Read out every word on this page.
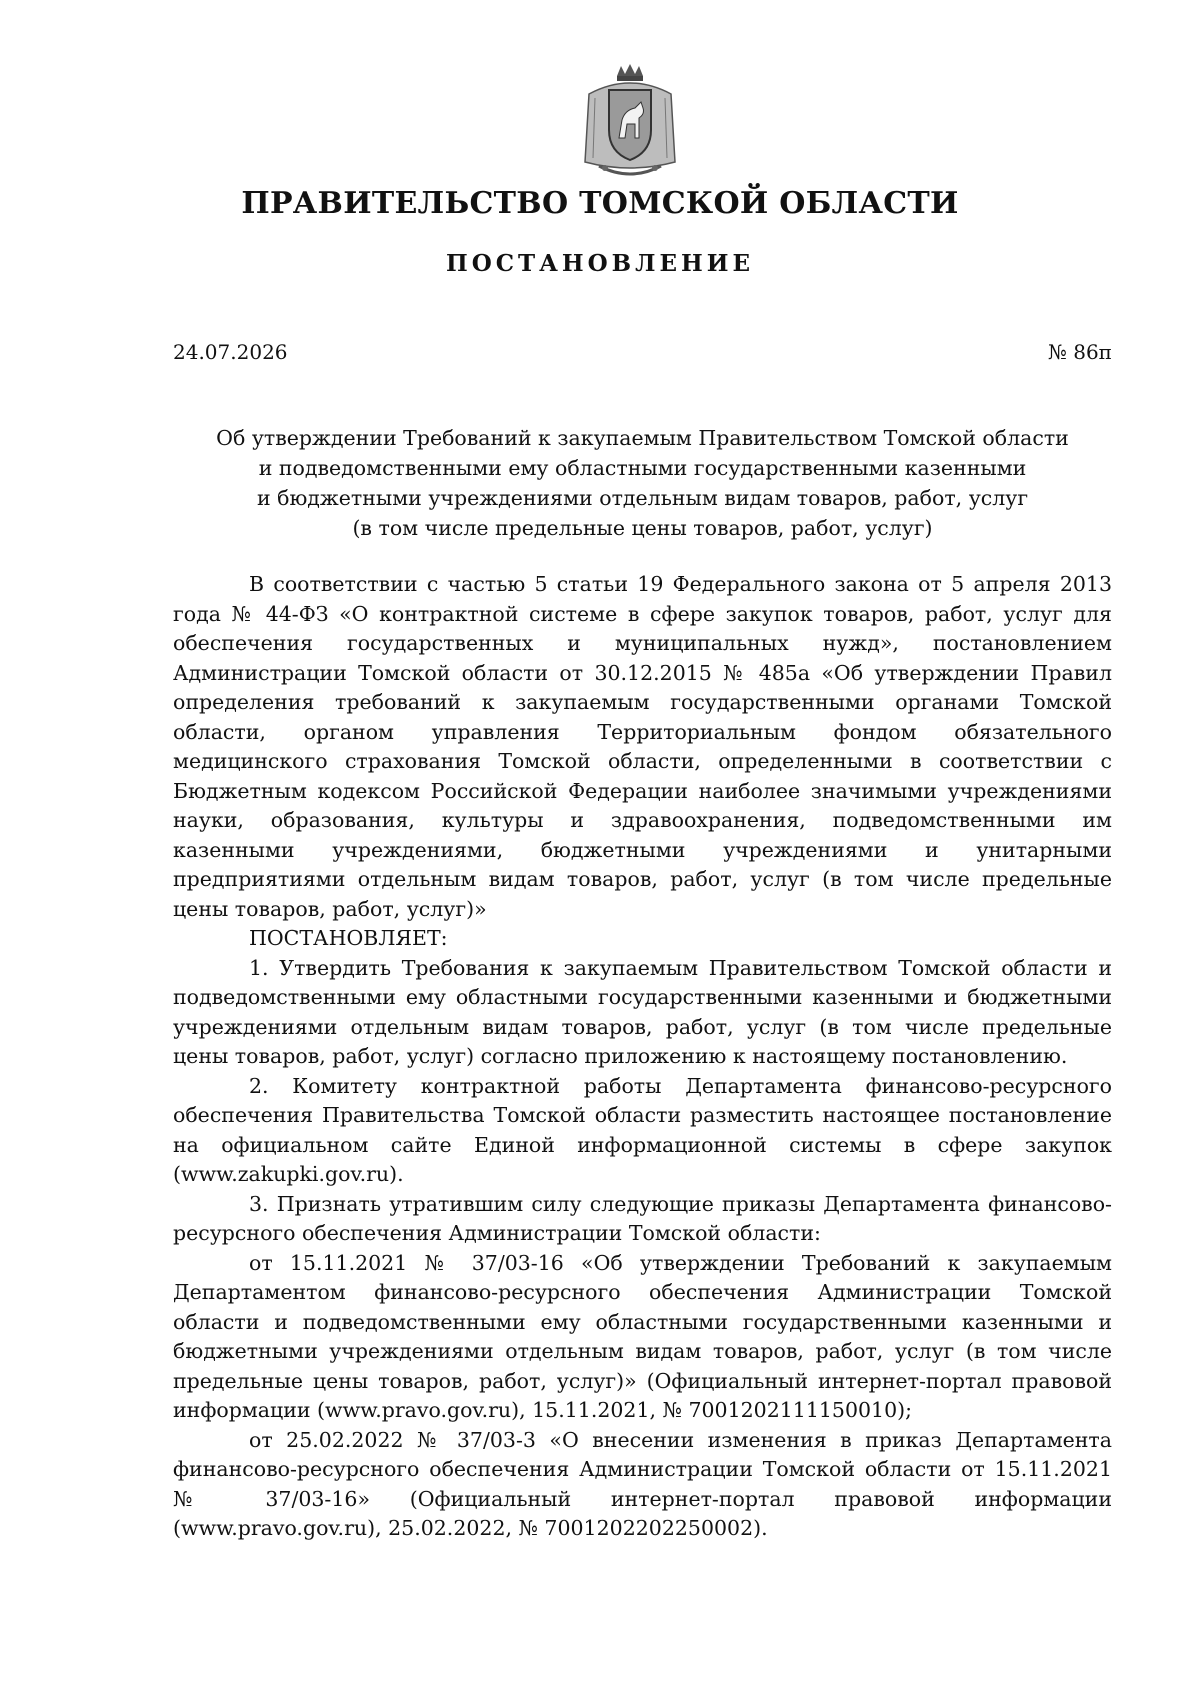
ПРАВИТЕЛЬСТВО ТОМСКОЙ ОБЛАСТИ
ПОСТАНОВЛЕНИЕ
24.07.2026	№ 86п
Об утверждении Требований к закупаемым Правительством Томской области
и подведомственными ему областными государственными казенными
и бюджетными учреждениями отдельным видам товаров, работ, услуг
(в том числе предельные цены товаров, работ, услуг)

В соответствии с частью 5 статьи 19 Федерального закона от 5 апреля 2013 года № 44-ФЗ «О контрактной системе в сфере закупок товаров, работ, услуг для обеспечения государственных и муниципальных нужд», постановлением Администрации Томской области от 30.12.2015 № 485а «Об утверждении Правил определения требований к закупаемым государственными органами Томской области, органом управления Территориальным фондом обязательного медицинского страхования Томской области, определенными в соответствии с Бюджетным кодексом Российской Федерации наиболее значимыми учреждениями науки, образования, культуры и здравоохранения, подведомственными им казенными учреждениями, бюджетными учреждениями и унитарными предприятиями отдельным видам товаров, работ, услуг (в том числе предельные цены товаров, работ, услуг)»

ПОСТАНОВЛЯЕТ:

1. Утвердить Требования к закупаемым Правительством Томской области и подведомственными ему областными государственными казенными и бюджетными учреждениями отдельным видам товаров, работ, услуг (в том числе предельные цены товаров, работ, услуг) согласно приложению к настоящему постановлению.

2. Комитету контрактной работы Департамента финансово-ресурсного обеспечения Правительства Томской области разместить настоящее постановление на официальном сайте Единой информационной системы в сфере закупок (www.zakupki.gov.ru).

3. Признать утратившим силу следующие приказы Департамента финансово-ресурсного обеспечения Администрации Томской области:

от 15.11.2021 № 37/03-16 «Об утверждении Требований к закупаемым Департаментом финансово-ресурсного обеспечения Администрации Томской области и подведомственными ему областными государственными казенными и бюджетными учреждениями отдельным видам товаров, работ, услуг (в том числе предельные цены товаров, работ, услуг)» (Официальный интернет-портал правовой информации (www.pravo.gov.ru), 15.11.2021, № 7001202111150010);

от 25.02.2022 № 37/03-3 «О внесении изменения в приказ Департамента финансово-ресурсного обеспечения Администрации Томской области от 15.11.2021 № 37/03-16» (Официальный интернет-портал правовой информации (www.pravo.gov.ru), 25.02.2022, № 7001202202250002).
